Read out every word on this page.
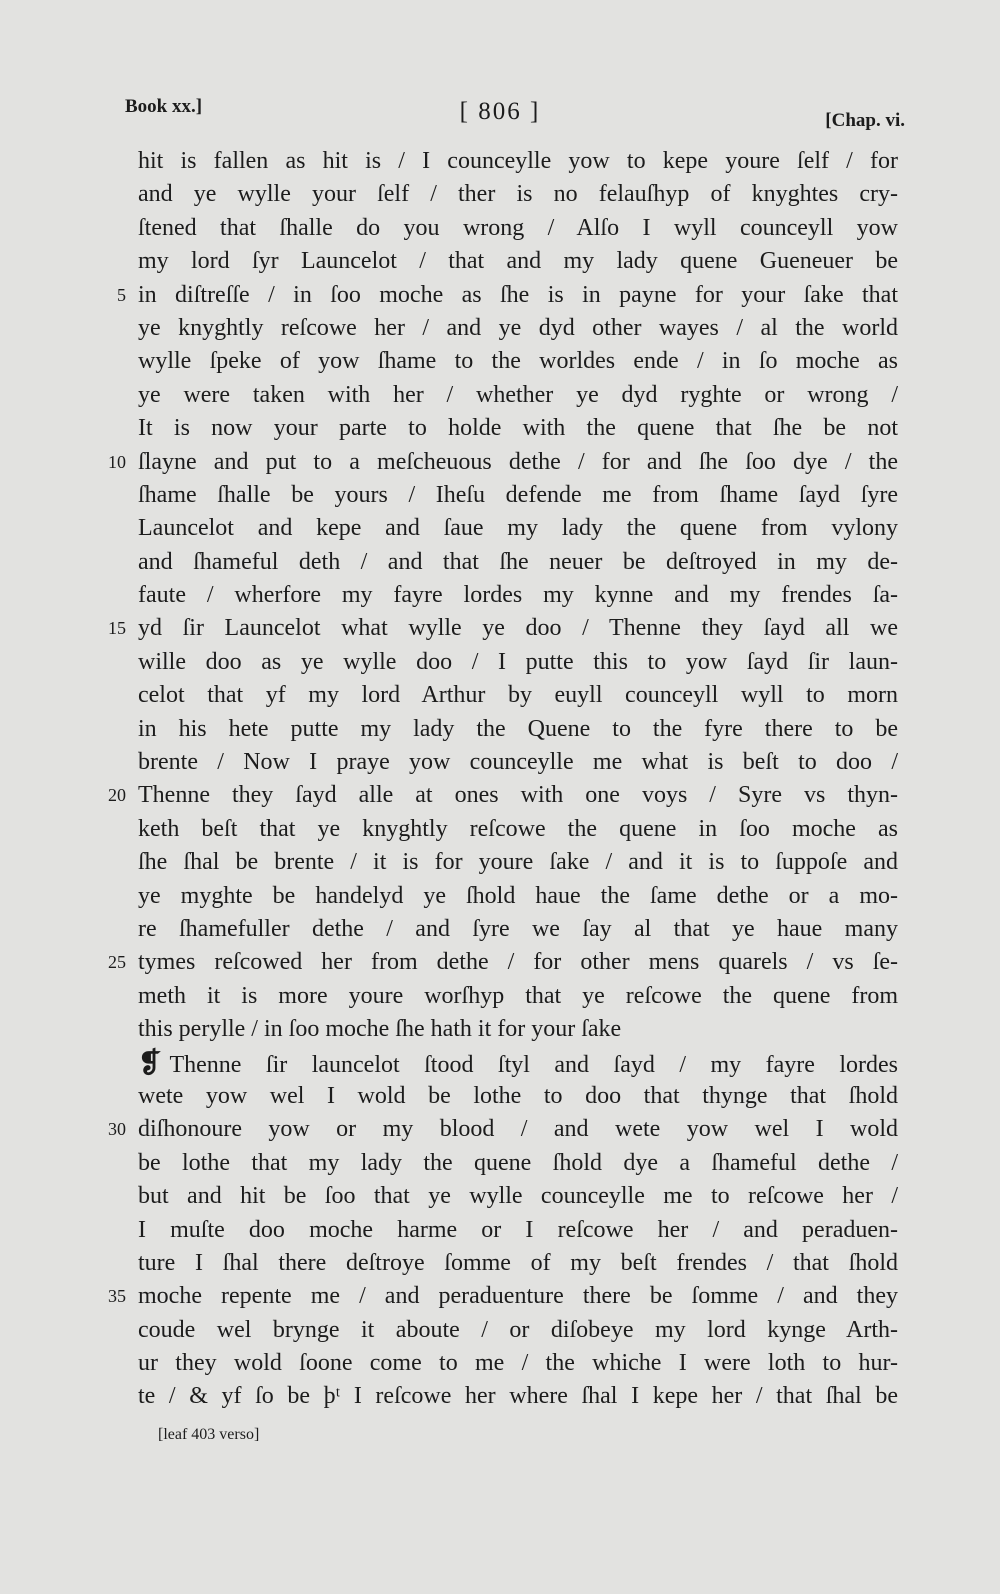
Book xx.]	[ 806 ]	[Chap. vi.
hit is fallen as hit is / I counceylle yow to kepe youre ſelf / for
and ye wylle your ſelf / ther is no felauſhyp of knyghtes cry-
ſtened that ſhalle do you wrong / Alſo I wyll counceyll yow
my lord ſyr Launcelot / that and my lady quene Gueneuer be
5 in diſtreſſe / in ſoo moche as ſhe is in payne for your ſake that
ye knyghtly reſcowe her / and ye dyd other wayes / al the world
wylle ſpeke of yow ſhame to the worldes ende / in ſo moche as
ye were taken with her / whether ye dyd ryghte or wrong /
It is now your parte to holde with the quene that ſhe be not
10 ſlayne and put to a meſcheuous dethe / for and ſhe ſoo dye / the
ſhame ſhalle be yours / Iheſu defende me from ſhame ſayd ſyre
Launcelot and kepe and ſaue my lady the quene from vylony
and ſhameful deth / and that ſhe neuer be deſtroyed in my de-
faute / wherfore my fayre lordes my kynne and my frendes ſa-
15 yd ſir Launcelot what wylle ye doo / Thenne they ſayd all we
wille doo as ye wylle doo / I putte this to yow ſayd ſir laun-
celot that yf my lord Arthur by euyll counceyll wyll to morn
in his hete putte my lady the Quene to the fyre there to be
brente / Now I praye yow counceylle me what is beſt to doo /
20 Thenne they ſayd alle at ones with one voys / Syre vs thyn-
keth beſt that ye knyghtly reſcowe the quene in ſoo moche as
ſhe ſhal be brente / it is for youre ſake / and it is to ſuppoſe and
ye myghte be handelyd ye ſhold haue the ſame dethe or a mo-
re ſhamefuller dethe / and ſyre we ſay al that ye haue many
25 tymes reſcowed her from dethe / for other mens quarels / vs ſe-
meth it is more youre worſhyp that ye reſcowe the quene from
this perylle / in ſoo moche ſhe hath it for your ſake
❡ Thenne ſir launcelot ſtood ſtyl and ſayd / my fayre lordes
wete yow wel I wold be lothe to doo that thynge that ſhold
30 diſhonoure yow or my blood / and wete yow wel I wold
be lothe that my lady the quene ſhold dye a ſhameful dethe /
but and hit be ſoo that ye wylle counceylle me to reſcowe her /
I muſte doo moche harme or I reſcowe her / and peraduen-
ture I ſhal there deſtroye ſomme of my beſt frendes / that ſhold
35 moche repente me / and peraduenture there be ſomme / and they
coude wel brynge it aboute / or diſobeye my lord kynge Arth-
ur they wold ſoone come to me / the whiche I were loth to hur-
te / & yf ſo be þᵗ I reſcowe her where ſhal I kepe her / that ſhal be
[leaf 403 verso]
